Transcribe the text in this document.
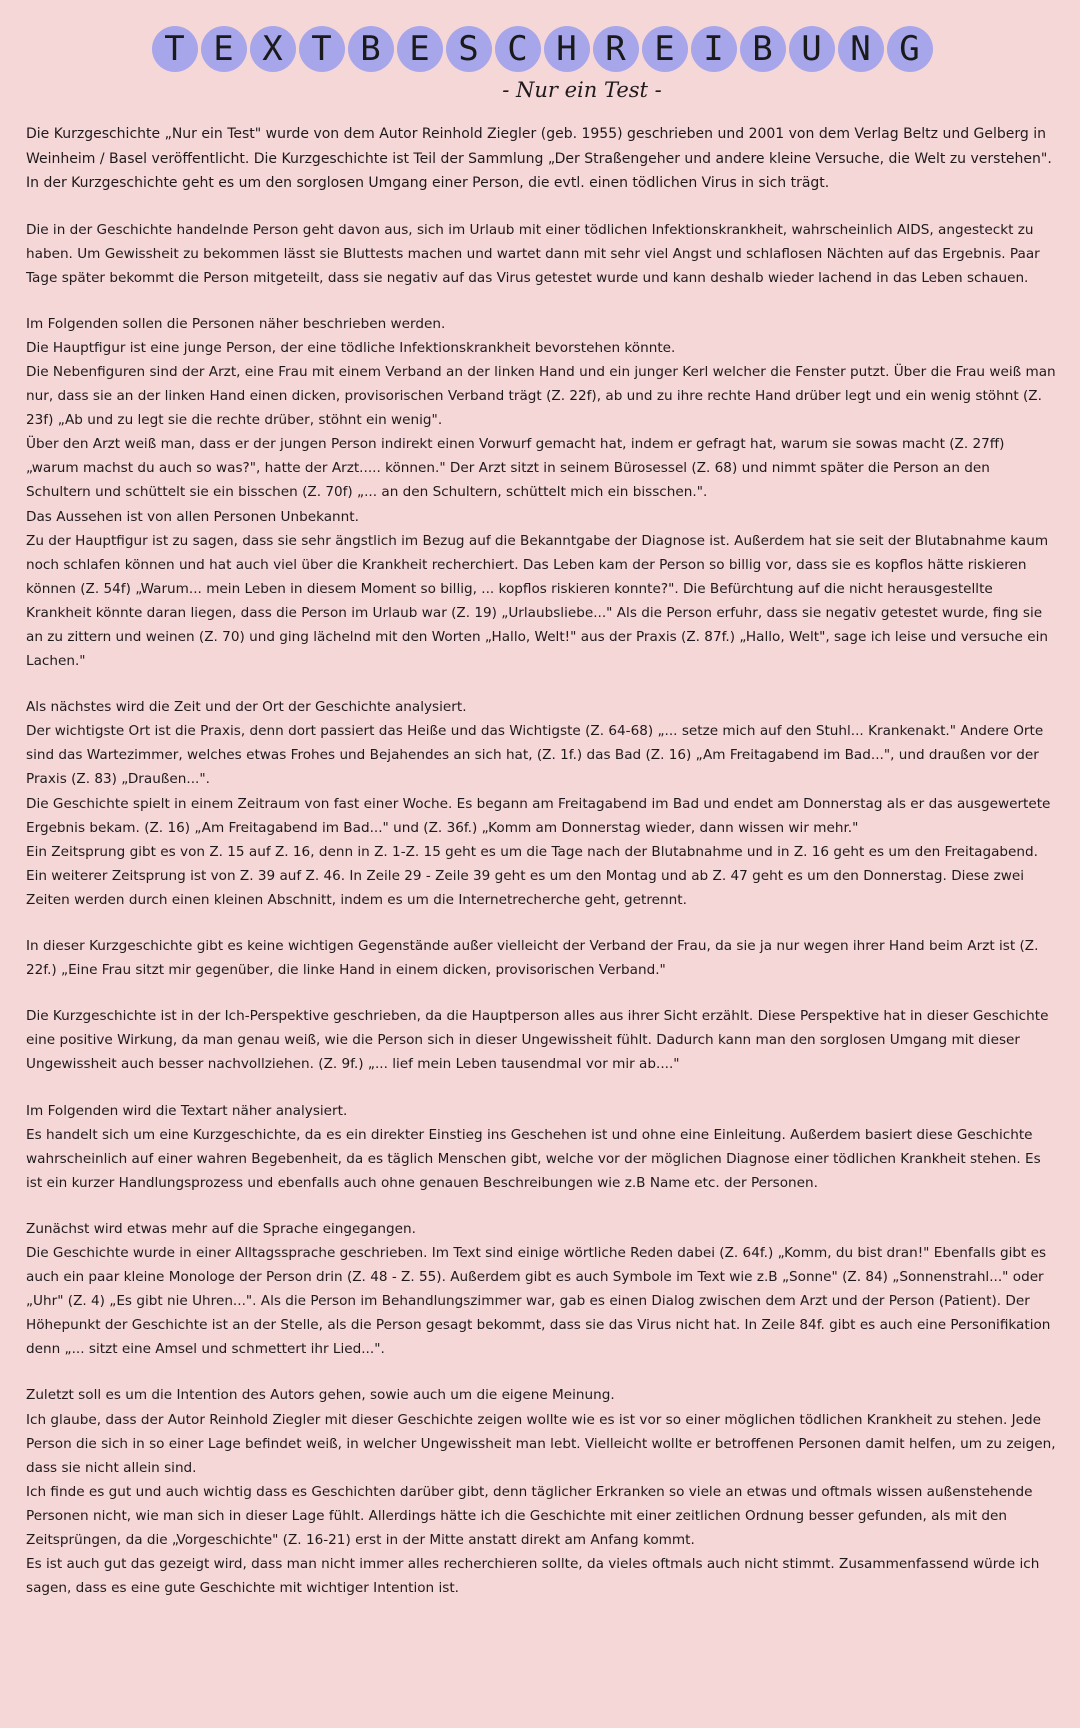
T E X T B E S C H R E I B U N G
- Nur ein Test -

Die Kurzgeschichte „Nur ein Test" wurde von dem Autor Reinhold Ziegler (geb. 1955) geschrieben und 2001 von dem Verlag Beltz und Gelberg in Weinheim / Basel veröffentlicht. Die Kurzgeschichte ist Teil der Sammlung „Der Straßengeher und andere kleine Versuche, die Welt zu verstehen". In der Kurzgeschichte geht es um den sorglosen Umgang einer Person, die evtl. einen tödlichen Virus in sich trägt.

Die in der Geschichte handelnde Person geht davon aus, sich im Urlaub mit einer tödlichen Infektionskrankheit, wahrscheinlich AIDS, angesteckt zu haben. Um Gewissheit zu bekommen lässt sie Bluttests machen und wartet dann mit sehr viel Angst und schlaflosen Nächten auf das Ergebnis. Paar Tage später bekommt die Person mitgeteilt, dass sie negativ auf das Virus getestet wurde und kann deshalb wieder lachend in das Leben schauen.

Im Folgenden sollen die Personen näher beschrieben werden.

Die Hauptfigur ist eine junge Person, der eine tödliche Infektionskrankheit bevorstehen könnte.

Die Nebenfiguren sind der Arzt, eine Frau mit einem Verband an der linken Hand und ein junger Kerl welcher die Fenster putzt. Über die Frau weiß man nur, dass sie an der linken Hand einen dicken, provisorischen Verband trägt (Z. 22f), ab und zu ihre rechte Hand drüber legt und ein wenig stöhnt (Z. 23f) „Ab und zu legt sie die rechte drüber, stöhnt ein wenig".

Über den Arzt weiß man, dass er der jungen Person indirekt einen Vorwurf gemacht hat, indem er gefragt hat, warum sie sowas macht (Z. 27ff) „warum machst du auch so was?", hatte der Arzt..... können." Der Arzt sitzt in seinem Bürosessel (Z. 68) und nimmt später die Person an den Schultern und schüttelt sie ein bisschen (Z. 70f) „... an den Schultern, schüttelt mich ein bisschen.".

Das Aussehen ist von allen Personen Unbekannt.

Zu der Hauptfigur ist zu sagen, dass sie sehr ängstlich im Bezug auf die Bekanntgabe der Diagnose ist. Außerdem hat sie seit der Blutabnahme kaum noch schlafen können und hat auch viel über die Krankheit recherchiert. Das Leben kam der Person so billig vor, dass sie es kopflos hätte riskieren können (Z. 54f) „Warum... mein Leben in diesem Moment so billig, ... kopflos riskieren konnte?". Die Befürchtung auf die nicht herausgestellte Krankheit könnte daran liegen, dass die Person im Urlaub war (Z. 19) „Urlaubsliebe..." Als die Person erfuhr, dass sie negativ getestet wurde, fing sie an zu zittern und weinen (Z. 70) und ging lächelnd mit den Worten „Hallo, Welt!" aus der Praxis (Z. 87f.) „Hallo, Welt", sage ich leise und versuche ein Lachen."

Als nächstes wird die Zeit und der Ort der Geschichte analysiert.

Der wichtigste Ort ist die Praxis, denn dort passiert das Heiße und das Wichtigste (Z. 64-68) „... setze mich auf den Stuhl... Krankenakt." Andere Orte sind das Wartezimmer, welches etwas Frohes und Bejahendes an sich hat, (Z. 1f.) das Bad (Z. 16) „Am Freitagabend im Bad...", und draußen vor der Praxis (Z. 83) „Draußen...".

Die Geschichte spielt in einem Zeitraum von fast einer Woche. Es begann am Freitagabend im Bad und endet am Donnerstag als er das ausgewertete Ergebnis bekam. (Z. 16) „Am Freitagabend im Bad..." und (Z. 36f.) „Komm am Donnerstag wieder, dann wissen wir mehr."

Ein Zeitsprung gibt es von Z. 15 auf Z. 16, denn in Z. 1-Z. 15 geht es um die Tage nach der Blutabnahme und in Z. 16 geht es um den Freitagabend. Ein weiterer Zeitsprung ist von Z. 39 auf Z. 46. In Zeile 29 - Zeile 39 geht es um den Montag und ab Z. 47 geht es um den Donnerstag. Diese zwei Zeiten werden durch einen kleinen Abschnitt, indem es um die Internetrecherche geht, getrennt.

In dieser Kurzgeschichte gibt es keine wichtigen Gegenstände außer vielleicht der Verband der Frau, da sie ja nur wegen ihrer Hand beim Arzt ist (Z. 22f.) „Eine Frau sitzt mir gegenüber, die linke Hand in einem dicken, provisorischen Verband."

Die Kurzgeschichte ist in der Ich-Perspektive geschrieben, da die Hauptperson alles aus ihrer Sicht erzählt. Diese Perspektive hat in dieser Geschichte eine positive Wirkung, da man genau weiß, wie die Person sich in dieser Ungewissheit fühlt. Dadurch kann man den sorglosen Umgang mit dieser Ungewissheit auch besser nachvollziehen. (Z. 9f.) „... lief mein Leben tausendmal vor mir ab...."

Im Folgenden wird die Textart näher analysiert.

Es handelt sich um eine Kurzgeschichte, da es ein direkter Einstieg ins Geschehen ist und ohne eine Einleitung. Außerdem basiert diese Geschichte wahrscheinlich auf einer wahren Begebenheit, da es täglich Menschen gibt, welche vor der möglichen Diagnose einer tödlichen Krankheit stehen. Es ist ein kurzer Handlungsprozess und ebenfalls auch ohne genauen Beschreibungen wie z.B Name etc. der Personen.

Zunächst wird etwas mehr auf die Sprache eingegangen.

Die Geschichte wurde in einer Alltagssprache geschrieben. Im Text sind einige wörtliche Reden dabei (Z. 64f.) „Komm, du bist dran!" Ebenfalls gibt es auch ein paar kleine Monologe der Person drin (Z. 48 - Z. 55). Außerdem gibt es auch Symbole im Text wie z.B „Sonne" (Z. 84) „Sonnenstrahl..." oder „Uhr" (Z. 4) „Es gibt nie Uhren...". Als die Person im Behandlungszimmer war, gab es einen Dialog zwischen dem Arzt und der Person (Patient). Der Höhepunkt der Geschichte ist an der Stelle, als die Person gesagt bekommt, dass sie das Virus nicht hat. In Zeile 84f. gibt es auch eine Personifikation denn „... sitzt eine Amsel und schmettert ihr Lied...".

Zuletzt soll es um die Intention des Autors gehen, sowie auch um die eigene Meinung.

Ich glaube, dass der Autor Reinhold Ziegler mit dieser Geschichte zeigen wollte wie es ist vor so einer möglichen tödlichen Krankheit zu stehen. Jede Person die sich in so einer Lage befindet weiß, in welcher Ungewissheit man lebt. Vielleicht wollte er betroffenen Personen damit helfen, um zu zeigen, dass sie nicht allein sind.

Ich finde es gut und auch wichtig dass es Geschichten darüber gibt, denn täglicher Erkranken so viele an etwas und oftmals wissen außenstehende Personen nicht, wie man sich in dieser Lage fühlt. Allerdings hätte ich die Geschichte mit einer zeitlichen Ordnung besser gefunden, als mit den Zeitsprüngen, da die „Vorgeschichte" (Z. 16-21) erst in der Mitte anstatt direkt am Anfang kommt.

Es ist auch gut das gezeigt wird, dass man nicht immer alles recherchieren sollte, da vieles oftmals auch nicht stimmt. Zusammenfassend würde ich sagen, dass es eine gute Geschichte mit wichtiger Intention ist.
